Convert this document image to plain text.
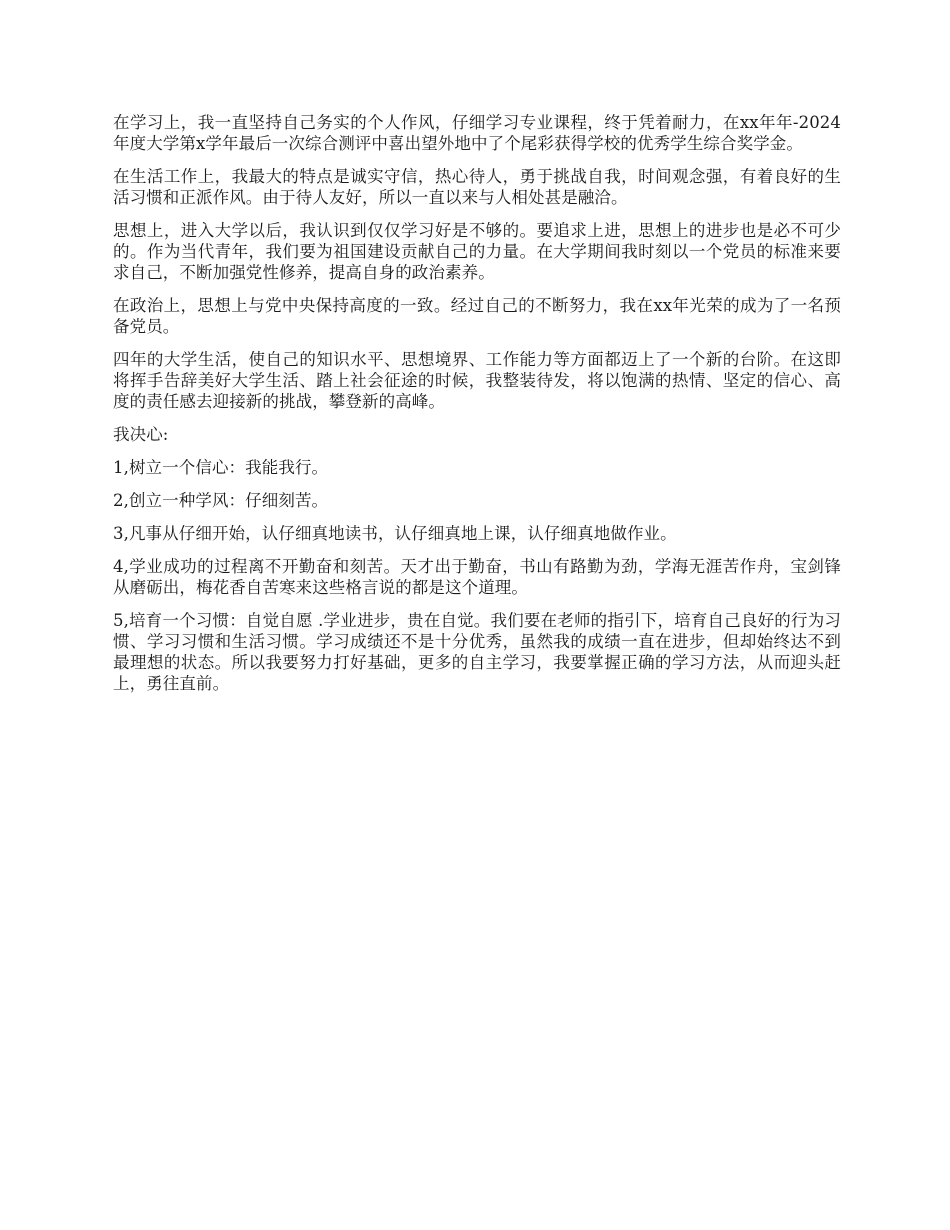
在学习上，我一直坚持自己务实的个人作风，仔细学习专业课程，终于凭着耐力，在xx年年-2024年度大学第x学年最后一次综合测评中喜出望外地中了个尾彩获得学校的优秀学生综合奖学金。

在生活工作上，我最大的特点是诚实守信，热心待人，勇于挑战自我，时间观念强，有着良好的生活习惯和正派作风。由于待人友好，所以一直以来与人相处甚是融洽。

思想上，进入大学以后，我认识到仅仅学习好是不够的。要追求上进，思想上的进步也是必不可少的。作为当代青年，我们要为祖国建设贡献自己的力量。在大学期间我时刻以一个党员的标准来要求自己，不断加强党性修养，提高自身的政治素养。

在政治上，思想上与党中央保持高度的一致。经过自己的不断努力，我在xx年光荣的成为了一名预备党员。

四年的大学生活，使自己的知识水平、思想境界、工作能力等方面都迈上了一个新的台阶。在这即将挥手告辞美好大学生活、踏上社会征途的时候，我整装待发，将以饱满的热情、坚定的信心、高度的责任感去迎接新的挑战，攀登新的高峰。

我决心:

1,树立一个信心：我能我行。

2,创立一种学风：仔细刻苦。

3,凡事从仔细开始，认仔细真地读书，认仔细真地上课，认仔细真地做作业。

4,学业成功的过程离不开勤奋和刻苦。天才出于勤奋，书山有路勤为劲，学海无涯苦作舟，宝剑锋从磨砺出，梅花香自苦寒来这些格言说的都是这个道理。

5,培育一个习惯：自觉自愿 .学业进步，贵在自觉。我们要在老师的指引下，培育自己良好的行为习惯、学习习惯和生活习惯。学习成绩还不是十分优秀，虽然我的成绩一直在进步，但却始终达不到最理想的状态。所以我要努力打好基础，更多的自主学习，我要掌握正确的学习方法，从而迎头赶上，勇往直前。
